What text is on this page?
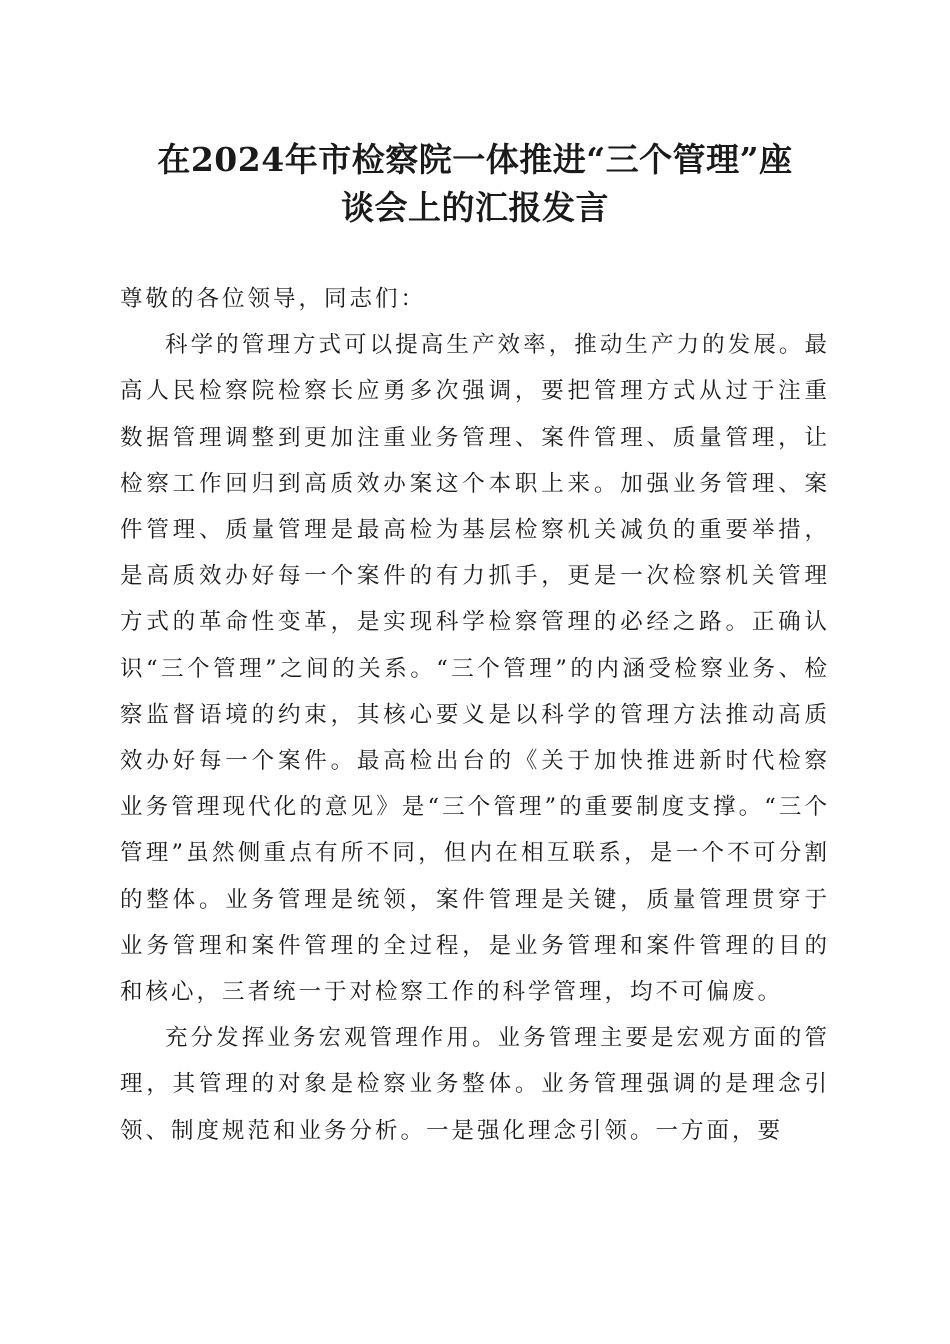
在2024年市检察院一体推进“三个管理”座
谈会上的汇报发言

尊敬的各位领导，同志们：

科学的管理方式可以提高生产效率，推动生产力的发展。最高人民检察院检察长应勇多次强调，要把管理方式从过于注重数据管理调整到更加注重业务管理、案件管理、质量管理，让检察工作回归到高质效办案这个本职上来。加强业务管理、案件管理、质量管理是最高检为基层检察机关减负的重要举措，是高质效办好每一个案件的有力抓手，更是一次检察机关管理方式的革命性变革，是实现科学检察管理的必经之路。正确认识“三个管理”之间的关系。“三个管理”的内涵受检察业务、检察监督语境的约束，其核心要义是以科学的管理方法推动高质效办好每一个案件。最高检出台的《关于加快推进新时代检察业务管理现代化的意见》是“三个管理”的重要制度支撑。“三个管理”虽然侧重点有所不同，但内在相互联系，是一个不可分割的整体。业务管理是统领，案件管理是关键，质量管理贯穿于业务管理和案件管理的全过程，是业务管理和案件管理的目的和核心，三者统一于对检察工作的科学管理，均不可偏废。

充分发挥业务宏观管理作用。业务管理主要是宏观方面的管理，其管理的对象是检察业务整体。业务管理强调的是理念引领、制度规范和业务分析。一是强化理念引领。一方面，要
